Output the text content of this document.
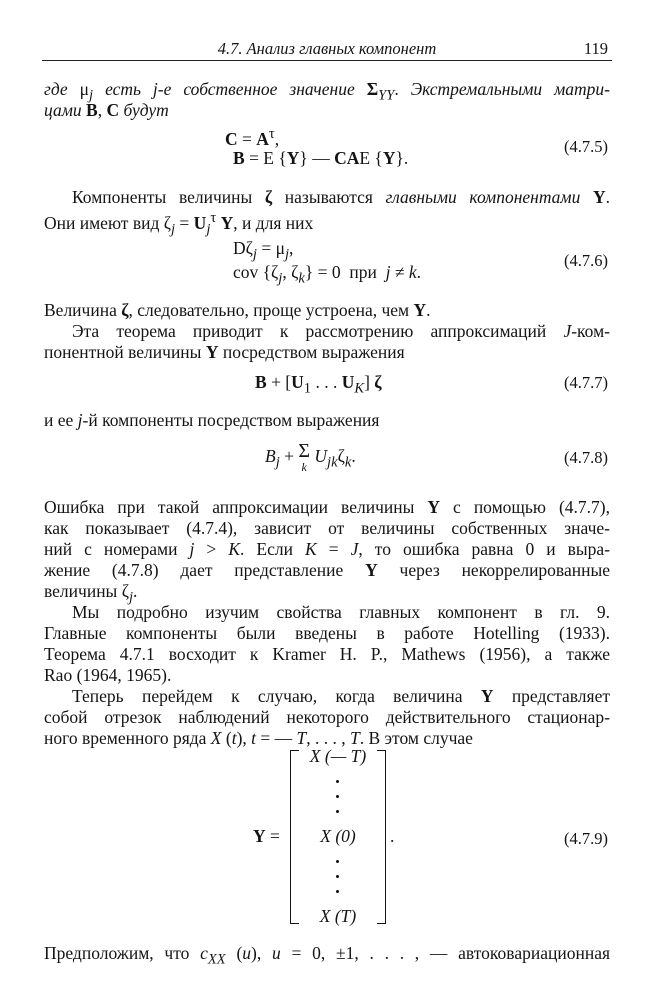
4.7. Анализ главных компонент	119
где $\mu_j$ есть j-е собственное значение $\Sigma_{YY}$. Экстремальными матри-
цами B, C будут
$C = A^\tau$,
B = E {Y} — CAE {Y}.
(4.7.5)
Компоненты величины ζ называются главными компонентами Y.
Они имеют вид $\zeta_j = U_j^\tau$ Y, и для них
$D\zeta_j = \mu_j$,
cov {$\zeta_j$, $\zeta_k\} = 0$  при  j ≠ k.
(4.7.6)
Величина ζ, следовательно, проще устроена, чем Y.
Эта теорема приводит к рассмотрению аппроксимаций J-ком-
понентной величины Y посредством выражения
$B + [U_1$ . . . $U_K$] ζ	(4.7.7)
и ее j-й компоненты посредством выражения
$B_j + \Sigma$
k $U_{jk}\zeta_k$.	(4.7.8)
Ошибка при такой аппроксимации величины Y с помощью (4.7.7),
как показывает (4.7.4), зависит от величины собственных значе-
ний с номерами j > K. Если K = J, то ошибка равна 0 и выра-
жение (4.7.8) дает представление Y через некоррелированные
величины $\zeta_j$.
Мы подробно изучим свойства главных компонент в гл. 9.
Главные компоненты были введены в работе Hotelling (1933).
Теорема 4.7.1 восходит к Kramer H. P., Mathews (1956), а также
Rao (1964, 1965).
Теперь перейдем к случаю, когда величина Y представляет
собой отрезок наблюдений некоторого действительного стационар-
ного временного ряда X (t), t = — T, . . . , T. В этом случае
Y =
X (— T)
X (0)
X (T)
.	(4.7.9)
Предположим, что $c_{XX}$ (u), u = 0, ±1, . . . , — автоковариационная
